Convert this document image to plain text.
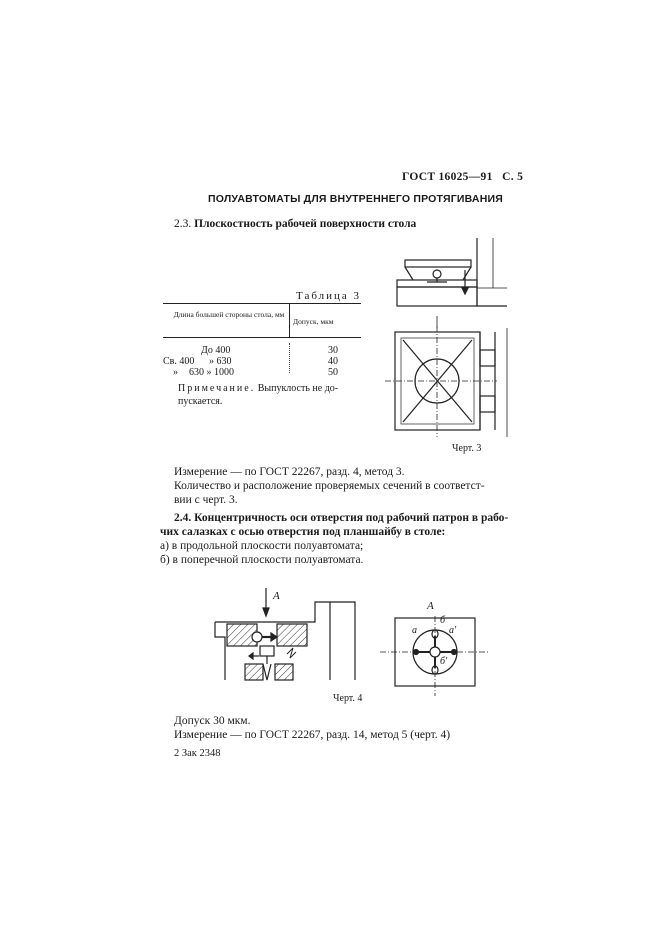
ГОСТ 16025—91 С. 5
ПОЛУАВТОМАТЫ ДЛЯ ВНУТРЕННЕГО ПРОТЯГИВАНИЯ
2.3. Плоскостность рабочей поверхности стола
Таблица 3
Длина большей стороны стола, мм
Допуск, мкм
До 400	30
Св. 400 » 630	40
» 630 » 1000	50
Примечание. Выпуклость не до-
пускается.
Черт. 3
Измерение — по ГОСТ 22267, разд. 4, метод 3.
Количество и расположение проверяемых сечений в соответст-
вии с черт. 3.
2.4. Концентричность оси отверстия под рабочий патрон в рабо-
чих салазках с осью отверстия под планшайбу в столе:
а) в продольной плоскости полуавтомата;
б) в поперечной плоскости полуавтомата.
А
А
а	а'
б
б'
Черт. 4
Допуск 30 мкм.
Измерение — по ГОСТ 22267, разд. 14, метод 5 (черт. 4)
2 Зак 2348
